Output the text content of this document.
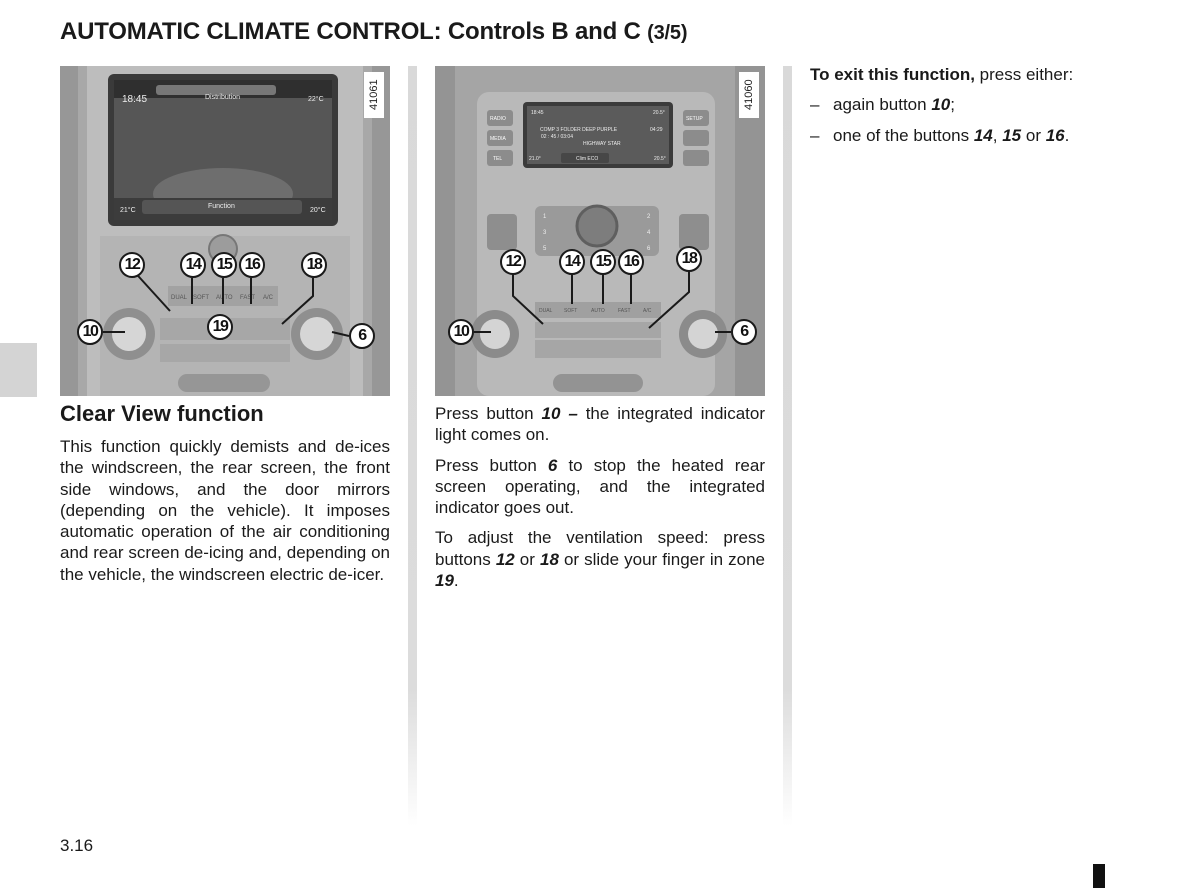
AUTOMATIC CLIMATE CONTROL: Controls B and C (3/5)
18:45	Distribution	22°C
21°C
Function
20°C
DUAL SOFT AUTO FAST A/C
41061
12	14	15 16	18
10	19
6
18:45	20.5°
COMP 3 FOLDER DEEP PURPLE	04:29
02 : 45 / 03:04
HIGHWAY STAR
21.0°	Clim ECO	20.5°
RADIO
MEDIA
TEL
SETUP
1	2
3	4
5	6
DUAL SOFT	AUTO	FAST A/C
41060
12	14	15 16	18
10	6
Clear View function

This function quickly demists and de-ices the windscreen, the rear screen, the front side windows, and the door mirrors (depending on the vehicle). It imposes automatic operation of the air conditioning and rear screen de-icing and, depending on the vehicle, the windscreen electric de-icer.

Press button 10 – the integrated indicator light comes on.

Press button 6 to stop the heated rear screen operating, and the integrated indicator goes out.

To adjust the ventilation speed: press buttons 12 or 18 or slide your finger in zone 19.

To exit this function, press either:

– again button 10;
– one of the buttons 14, 15 or 16.
3.16
